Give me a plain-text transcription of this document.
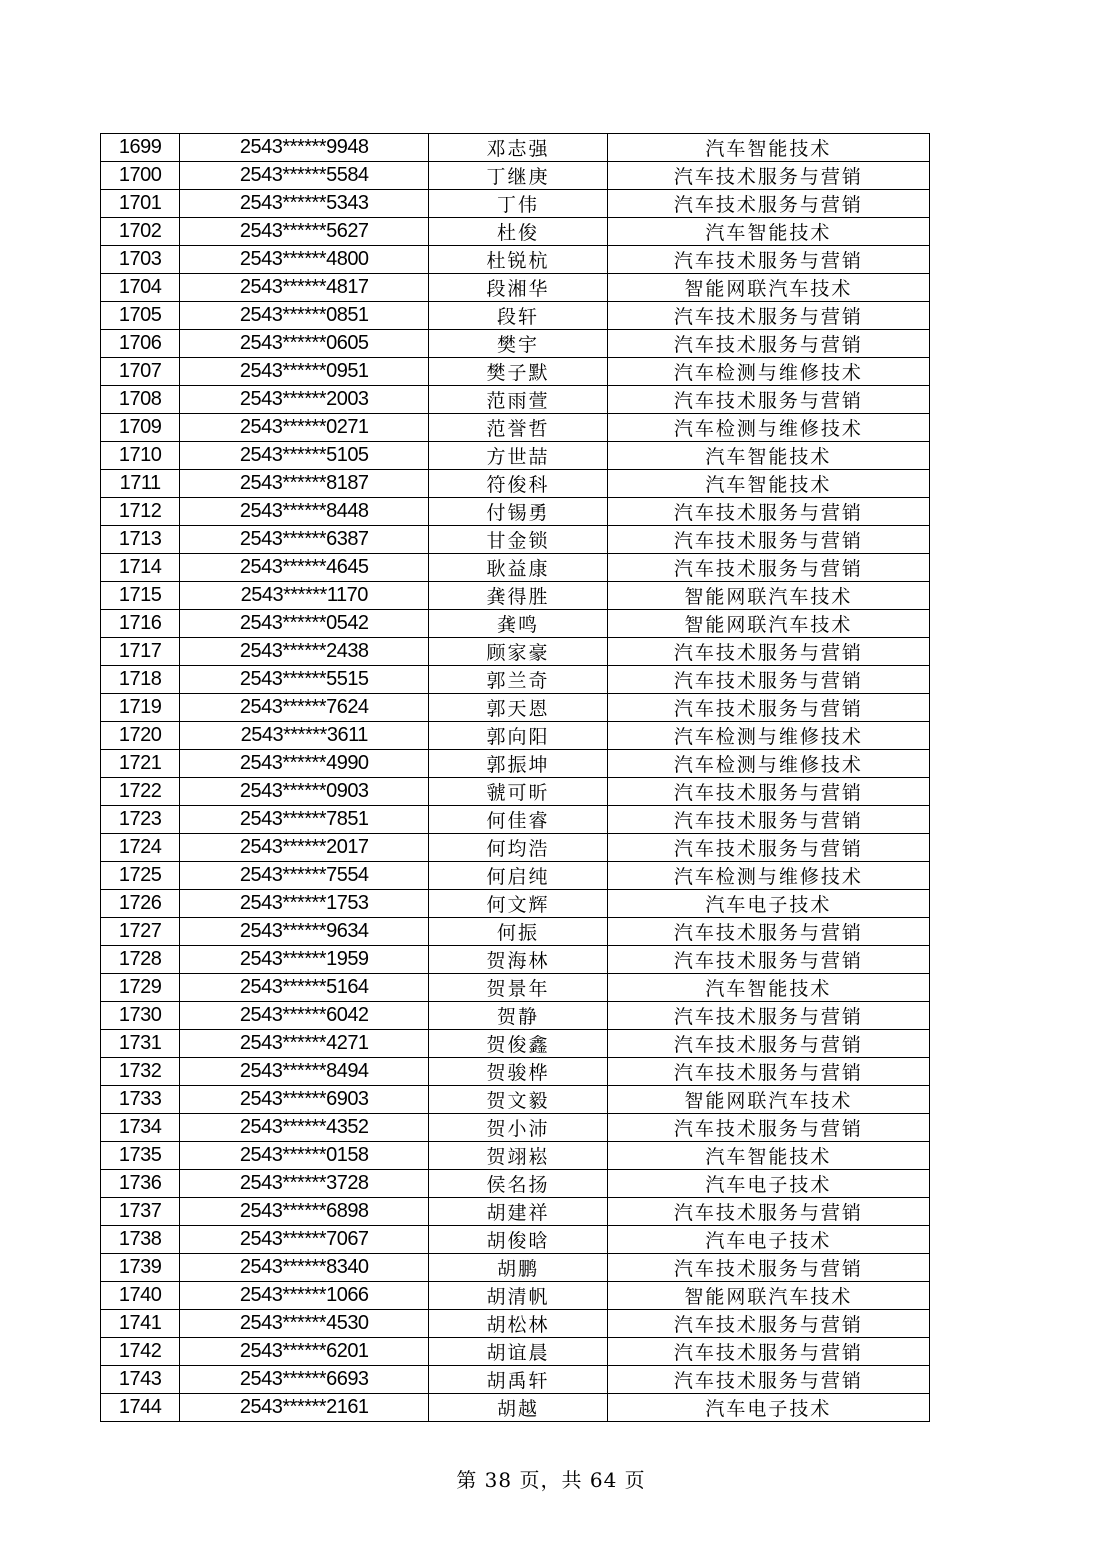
1699	2543******9948	邓志强	汽车智能技术
1700	2543******5584	丁继庚	汽车技术服务与营销
1701	2543******5343	丁伟	汽车技术服务与营销
1702	2543******5627	杜俊	汽车智能技术
1703	2543******4800	杜锐杭	汽车技术服务与营销
1704	2543******4817	段湘华	智能网联汽车技术
1705	2543******0851	段轩	汽车技术服务与营销
1706	2543******0605	樊宇	汽车技术服务与营销
1707	2543******0951	樊子默	汽车检测与维修技术
1708	2543******2003	范雨萱	汽车技术服务与营销
1709	2543******0271	范誉哲	汽车检测与维修技术
1710	2543******5105	方世喆	汽车智能技术
1711	2543******8187	符俊科	汽车智能技术
1712	2543******8448	付锡勇	汽车技术服务与营销
1713	2543******6387	甘金锁	汽车技术服务与营销
1714	2543******4645	耿益康	汽车技术服务与营销
1715	2543******1170	龚得胜	智能网联汽车技术
1716	2543******0542	龚鸣	智能网联汽车技术
1717	2543******2438	顾家豪	汽车技术服务与营销
1718	2543******5515	郭兰奇	汽车技术服务与营销
1719	2543******7624	郭天恩	汽车技术服务与营销
1720	2543******3611	郭向阳	汽车检测与维修技术
1721	2543******4990	郭振坤	汽车检测与维修技术
1722	2543******0903	虢可昕	汽车技术服务与营销
1723	2543******7851	何佳睿	汽车技术服务与营销
1724	2543******2017	何均浩	汽车技术服务与营销
1725	2543******7554	何启纯	汽车检测与维修技术
1726	2543******1753	何文辉	汽车电子技术
1727	2543******9634	何振	汽车技术服务与营销
1728	2543******1959	贺海林	汽车技术服务与营销
1729	2543******5164	贺景年	汽车智能技术
1730	2543******6042	贺静	汽车技术服务与营销
1731	2543******4271	贺俊鑫	汽车技术服务与营销
1732	2543******8494	贺骏桦	汽车技术服务与营销
1733	2543******6903	贺文毅	智能网联汽车技术
1734	2543******4352	贺小沛	汽车技术服务与营销
1735	2543******0158	贺翊崧	汽车智能技术
1736	2543******3728	侯名扬	汽车电子技术
1737	2543******6898	胡建祥	汽车技术服务与营销
1738	2543******7067	胡俊晗	汽车电子技术
1739	2543******8340	胡鹏	汽车技术服务与营销
1740	2543******1066	胡清帆	智能网联汽车技术
1741	2543******4530	胡松林	汽车技术服务与营销
1742	2543******6201	胡谊晨	汽车技术服务与营销
1743	2543******6693	胡禹轩	汽车技术服务与营销
1744	2543******2161	胡越	汽车电子技术
第 38 页，共 64 页
